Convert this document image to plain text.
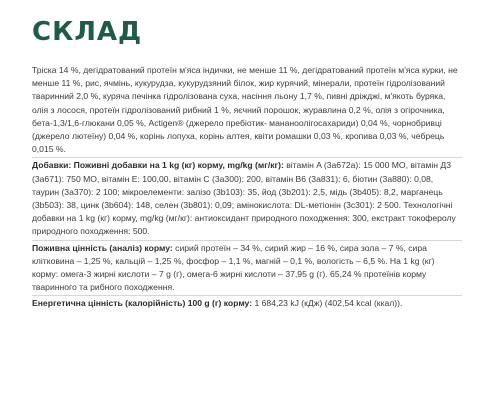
СКЛАД

Тріска 14 %, дегідратований протеїн м'яса індички, не менше 11 %, дегідратований протеїн м'яса курки, не менше 11 %, рис, ячмінь, кукурудза, кукурудзяний білок, жир курячий, мінерали, протеїн гідролізований тваринний 2,0 %, куряча печінка гідролізована суха, насіння льону 1,7 %, пивні дріжджі, м'якоть буряка, олія з лосося, протеїн гідролізований рибний 1 %, яєчний порошок, журавлина 0,2 %, олія з огірочника, бета-1,3/1,6-глюкани 0,05 %, Actigen® (джерело пребіотик- мананоолігосахариди) 0,04 %, чорнобривці (джерело лютеїну) 0,04 %, корінь лопуха, корінь алтея, квіти ромашки 0,03 %, кропива 0,03 %, чебрець 0,015 %.

Добавки: Поживні добавки на 1 kg (кг) корму, mg/kg (мг/кг): вітамін A (3a672a): 15 000 MO, вітамін Д3 (3a671): 750 MO, вітамін E: 100,00, вітамін C (3a300): 200, вітамін B6 (3a831): 6, біотин (3a880): 0,08, таурин (3a370): 2 100; мікроелементи: залізо (3b103): 35, йод (3b201): 2,5, мідь (3b405): 8,2, марганець (3b503): 38, цинк (3b604): 148, селен (3b801): 0,09; амінокислота: DL-метіонін (3c301): 2 500. Технологічні добавки на 1 kg (кг) корму, mg/kg (мг/кг): антиоксидант природного походження: 300, екстракт токоферолу природного походження: 500.

Поживна цінність (аналіз) корму: сирий протеїн – 34 %, сирий жир – 16 %, сира зола – 7 %, сира клітковина – 1,25 %, кальцій – 1,25 %, фосфор – 1,1 %, магній – 0,1 %, вологість – 6,5 %. На 1 kg (кг) корму: омега-3 жирні кислоти – 7 g (г), омега-6 жирні кислоти – 37,95 g (г). 65,24 % протеїнів корму тваринного та рибного походження.

Енергетична цінність (калорійність) 100 g (г) корму: 1 684,23 kJ (кДж) (402,54 kcal (ккал)).
